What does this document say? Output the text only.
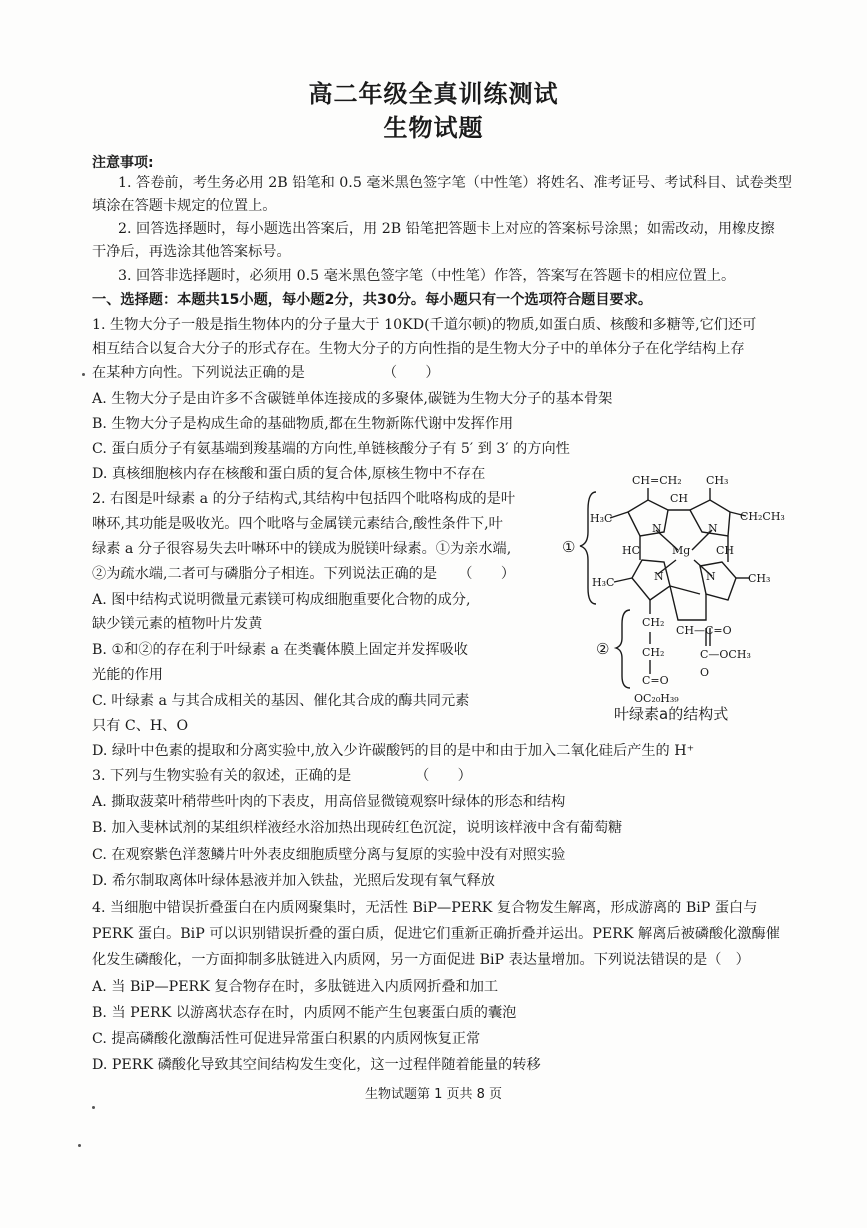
高二年级全真训练测试
生物试题
注意事项:
1. 答卷前，考生务必用 2B 铅笔和 0.5 毫米黑色签字笔（中性笔）将姓名、准考证号、考试科目、试卷类型
填涂在答题卡规定的位置上。
2. 回答选择题时，每小题选出答案后，用 2B 铅笔把答题卡上对应的答案标号涂黑；如需改动，用橡皮擦
干净后，再选涂其他答案标号。
3. 回答非选择题时，必须用 0.5 毫米黑色签字笔（中性笔）作答，答案写在答题卡的相应位置上。
一、选择题：本题共15小题，每小题2分，共30分。每小题只有一个选项符合题目要求。
1. 生物大分子一般是指生物体内的分子量大于 10KD(千道尔顿)的物质,如蛋白质、核酸和多糖等,它们还可
相互结合以复合大分子的形式存在。生物大分子的方向性指的是生物大分子中的单体分子在化学结构上存
在某种方向性。下列说法正确的是　　　　　　（　　）
A. 生物大分子是由许多不含碳链单体连接成的多聚体,碳链为生物大分子的基本骨架
B. 生物大分子是构成生命的基础物质,都在生物新陈代谢中发挥作用
C. 蛋白质分子有氨基端到羧基端的方向性,单链核酸分子有 5′ 到 3′ 的方向性
D. 真核细胞核内存在核酸和蛋白质的复合体,原核生物中不存在
2. 右图是叶绿素 a 的分子结构式,其结构中包括四个吡咯构成的是叶
啉环,其功能是吸收光。四个吡咯与金属镁元素结合,酸性条件下,叶
绿素 a 分子很容易失去叶啉环中的镁成为脱镁叶绿素。①为亲水端,
②为疏水端,二者可与磷脂分子相连。下列说法正确的是　　（　　）
A. 图中结构式说明微量元素镁可构成细胞重要化合物的成分,
缺少镁元素的植物叶片发黄
B. ①和②的存在利于叶绿素 a 在类囊体膜上固定并发挥吸收
光能的作用
C. 叶绿素 a 与其合成相关的基因、催化其合成的酶共同元素
只有 C、H、O
D. 绿叶中色素的提取和分离实验中,放入少许碳酸钙的目的是中和由于加入二氧化硅后产生的 H⁺
CH=CH₂ CH₃
H₃C	CH₂CH₃
CH
HC	CH
Mg
N	N
N	N
H₃C	CH₃
CH₂
CH₂
CH—C=O
C=O
C—OCH₃
O
OC₂₀H₃₉
①
②
叶绿素a的结构式
3. 下列与生物实验有关的叙述，正确的是　　　　　（　　）
A. 撕取菠菜叶稍带些叶肉的下表皮，用高倍显微镜观察叶绿体的形态和结构
B. 加入斐林试剂的某组织样液经水浴加热出现砖红色沉淀，说明该样液中含有葡萄糖
C. 在观察紫色洋葱鳞片叶外表皮细胞质壁分离与复原的实验中没有对照实验
D. 希尔制取离体叶绿体悬液并加入铁盐，光照后发现有氧气释放
4. 当细胞中错误折叠蛋白在内质网聚集时，无活性 BiP—PERK 复合物发生解离，形成游离的 BiP 蛋白与
PERK 蛋白。BiP 可以识别错误折叠的蛋白质，促进它们重新正确折叠并运出。PERK 解离后被磷酸化激酶催
化发生磷酸化，一方面抑制多肽链进入内质网，另一方面促进 BiP 表达量增加。下列说法错误的是（　）
A. 当 BiP—PERK 复合物存在时，多肽链进入内质网折叠和加工
B. 当 PERK 以游离状态存在时，内质网不能产生包裹蛋白质的囊泡
C. 提高磷酸化激酶活性可促进异常蛋白积累的内质网恢复正常
D. PERK 磷酸化导致其空间结构发生变化，这一过程伴随着能量的转移
生物试题第 1 页共 8 页
